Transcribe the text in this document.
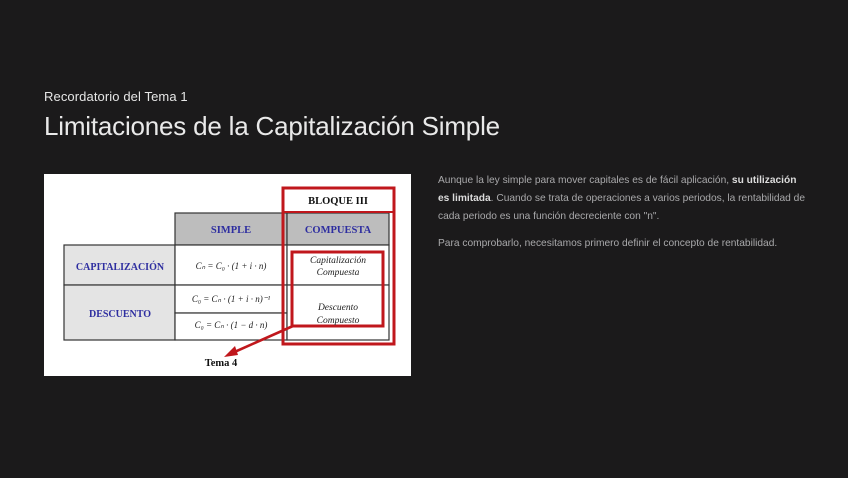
Recordatorio del Tema 1
Limitaciones de la Capitalización Simple
BLOQUE III
SIMPLE	COMPUESTA
CAPITALIZACIÓN
DESCUENTO
Cₙ = C₀ · (1 + i · n)
C₀ = Cₙ · (1 + i · n)⁻¹
C₀ = Cₙ · (1 − d · n)
Capitalización
Compuesta
Descuento
Compuesto
Tema 4

Aunque la ley simple para mover capitales es de fácil aplicación, su utilización es limitada. Cuando se trata de operaciones a varios periodos, la rentabilidad de cada periodo es una función decreciente con "n".

Para comprobarlo, necesitamos primero definir el concepto de rentabilidad.
